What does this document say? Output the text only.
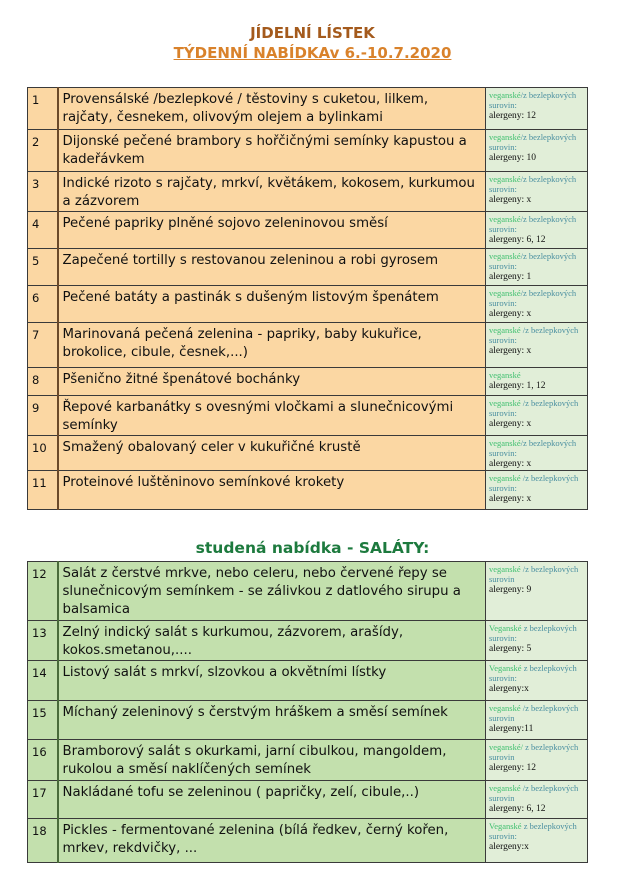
JÍDELNÍ LÍSTEK
TÝDENNÍ NABÍDKAv 6.-10.7.2020
1	Provensálské /bezlepkové / těstoviny s cuketou, lilkem, rajčaty, česnekem, olivovým olejem a bylinkami	veganské/z bezlepkových surovin:
alergeny: 12

2	Dijonské pečené brambory s hořčičnými semínky kapustou a kadeřávkem	veganské/z bezlepkových surovin:
alergeny: 10

3	Indické rizoto s rajčaty, mrkví, květákem, kokosem, kurkumou a zázvorem	veganské/z bezlepkových surovin:
alergeny: x

4	Pečené papriky plněné sojovo zeleninovou směsí	veganské/z bezlepkových surovin:
alergeny: 6, 12

5	Zapečené tortilly s restovanou zeleninou a robi gyrosem	veganské/z bezlepkových surovin:
alergeny: 1

6	Pečené batáty a pastinák s dušeným listovým špenátem	veganské/z bezlepkových surovin:
alergeny: x

7	Marinovaná pečená zelenina - papriky, baby kukuřice, brokolice, cibule, česnek,...)	veganské /z bezlepkových surovin:
alergeny: x

8	Pšeničnо žitné špenátové bochánky	veganské
alergeny: 1, 12

9	Řepové karbanátky s ovesnými vločkami a slunečnicovými semínky	veganské /z bezlepkových surovin:
alergeny: x

10	Smažený obalovaný celer v kukuřičné krustě	veganské/z bezlepkových surovin:
alergeny: x

11	Proteinové luštěninovo semínkové krokety	veganské /z bezlepkových surovin:
alergeny: x
studená nabídka - SALÁTY:
12	Salát z čerstvé mrkve, nebo celeru, nebo červené řepy se slunečnicovým semínkem - se zálivkou z datlového sirupu a balsamica	veganské /z bezlepkových surovin
alergeny: 9

13	Zelný indický salát s kurkumou, zázvorem, arašídy, kokos.smetanou,....	Veganské z bezlepkových surovin:
alergeny: 5

14	Listový salát s mrkví, slzovkou a okvětními lístky	Veganské z bezlepkových surovin:
alergeny:x

15	Míchaný zeleninový s čerstvým hráškem a směsí semínek	veganské /z bezlepkových surovin
alergeny:11

16	Bramborový salát s okurkami, jarní cibulkou, mangoldem, rukolou a směsí naklíčených semínek	veganské/ z bezlepkových surovin
alergeny: 12

17	Nakládané tofu se zeleninou ( papričky, zelí, cibule,..)	veganské /z bezlepkových surovin
alergeny: 6, 12

18	Pickles - fermentované zelenina (bílá ředkev, černý kořen, mrkev, rekdvičky, ...	Veganské z bezlepkových surovin:
alergeny:x
